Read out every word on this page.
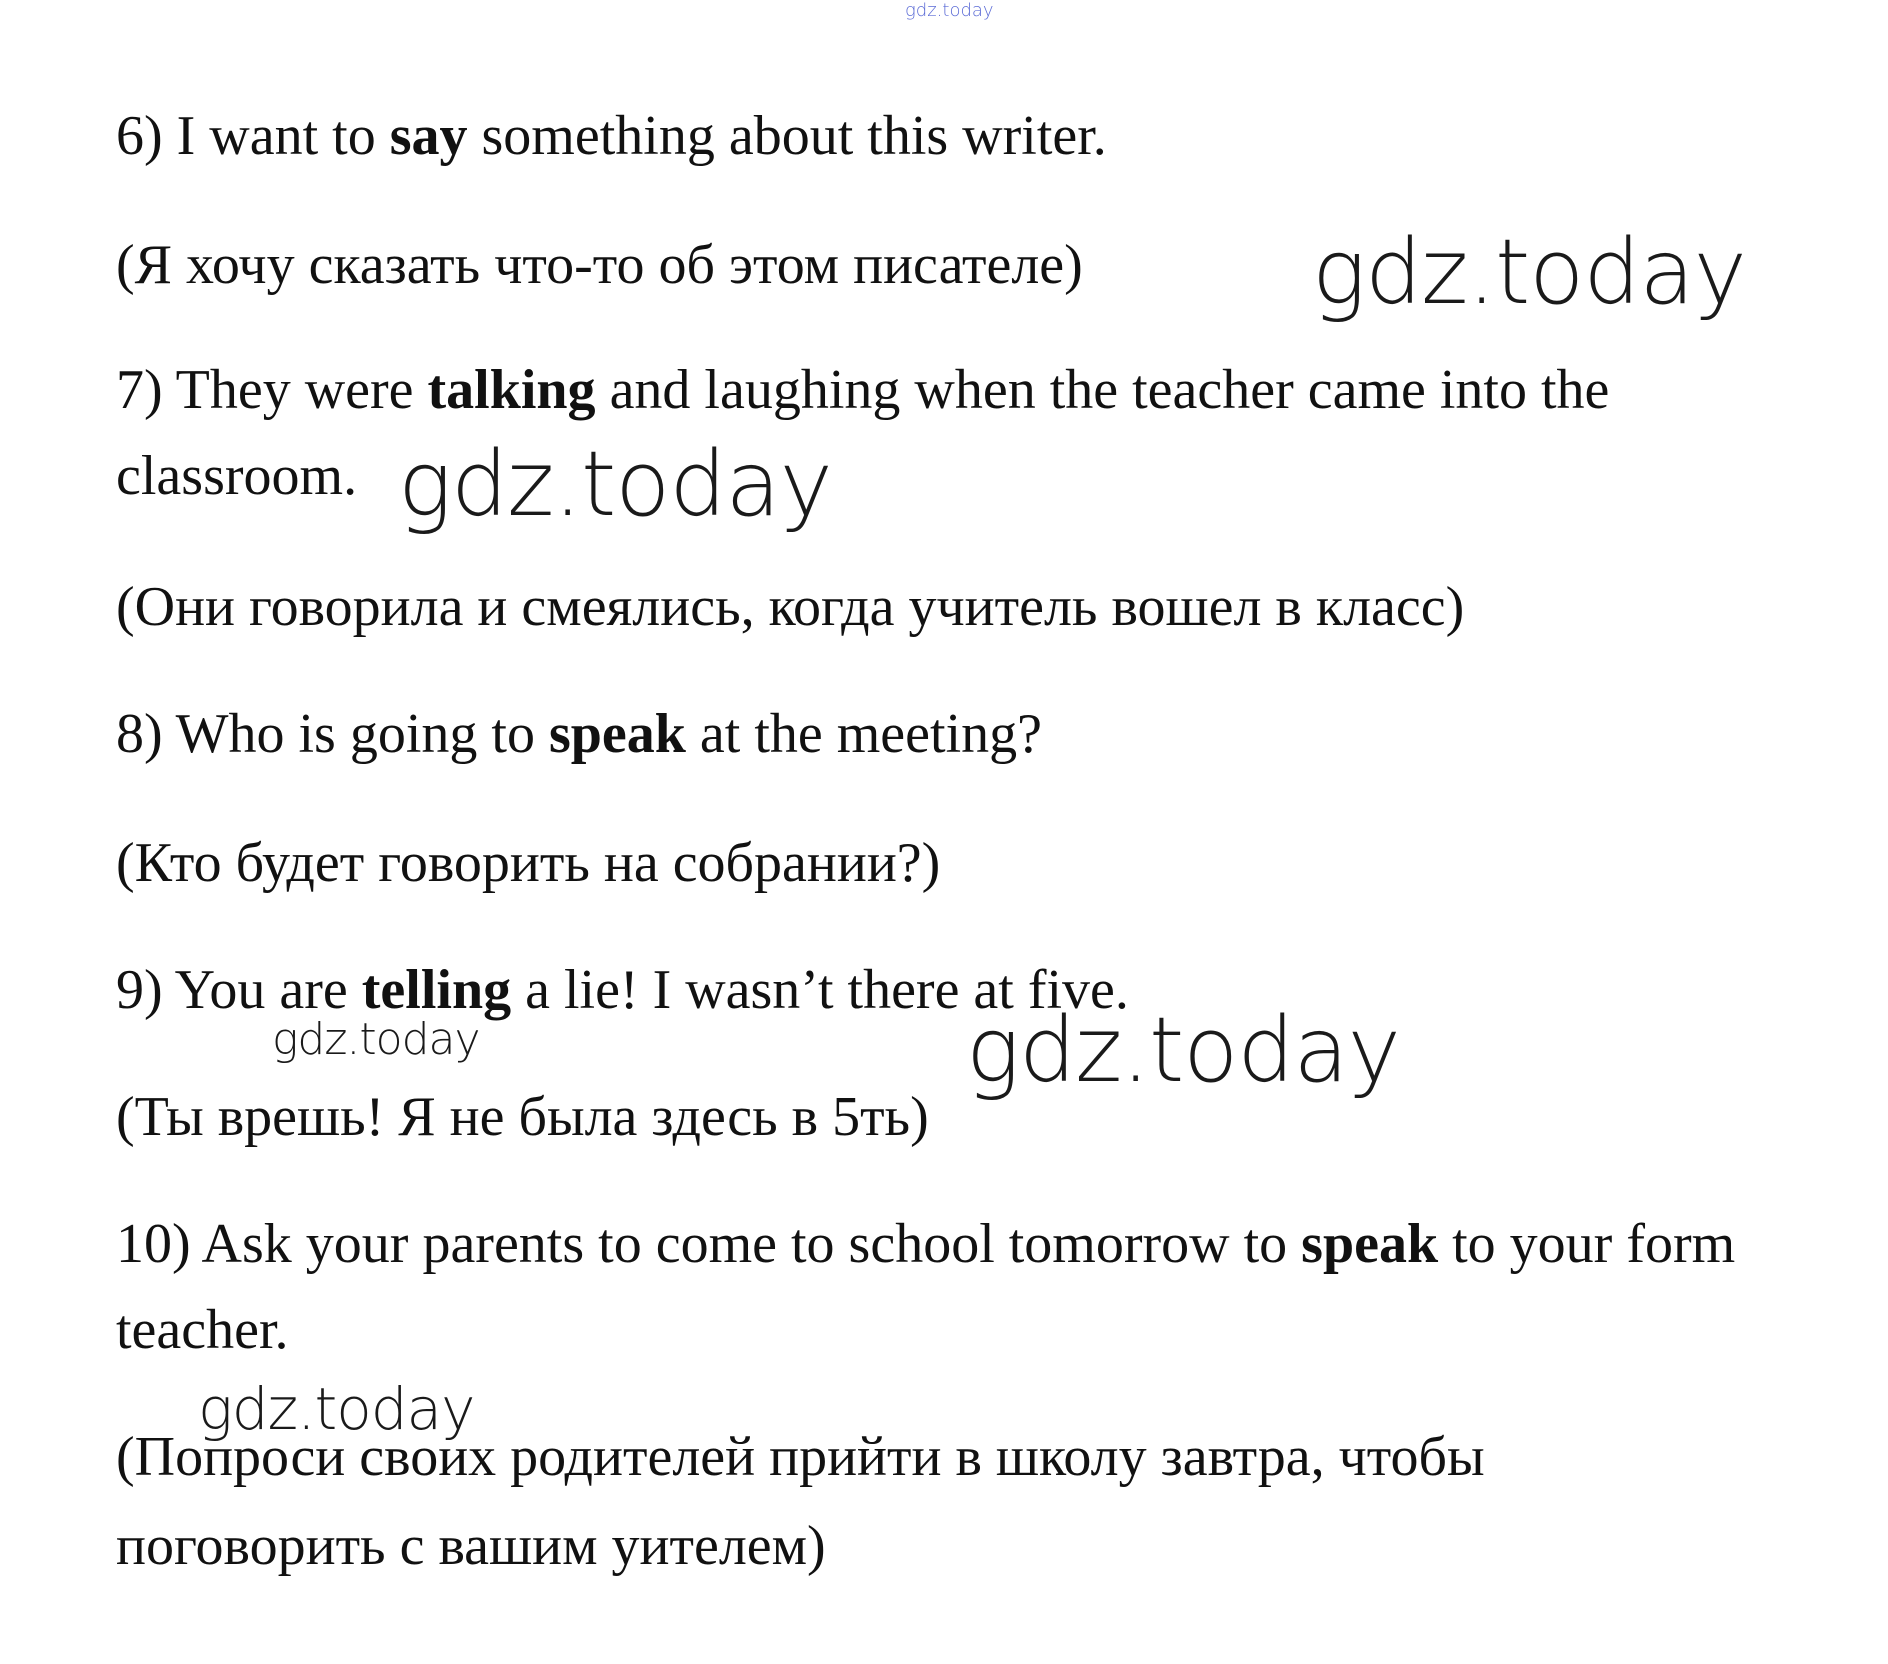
gdz.today

6) I want to say something about this writer.

(Я хочу сказать что-то об этом писателе)

7) They were talking and laughing when the teacher came into the

classroom.

(Они говорила и смеялись, когда учитель вошел в класс)

8) Who is going to speak at the meeting?

(Кто будет говорить на собрании?)

9) You are telling a lie! I wasn’t there at five.

(Ты врешь! Я не была здесь в 5ть)

10) Ask your parents to come to school tomorrow to speak to your form

teacher.

(Попроси своих родителей прийти в школу завтра, чтобы

поговорить с вашим уителем)

gdz.today
gdz.today
gdz.today	gdz.today
gdz.today
